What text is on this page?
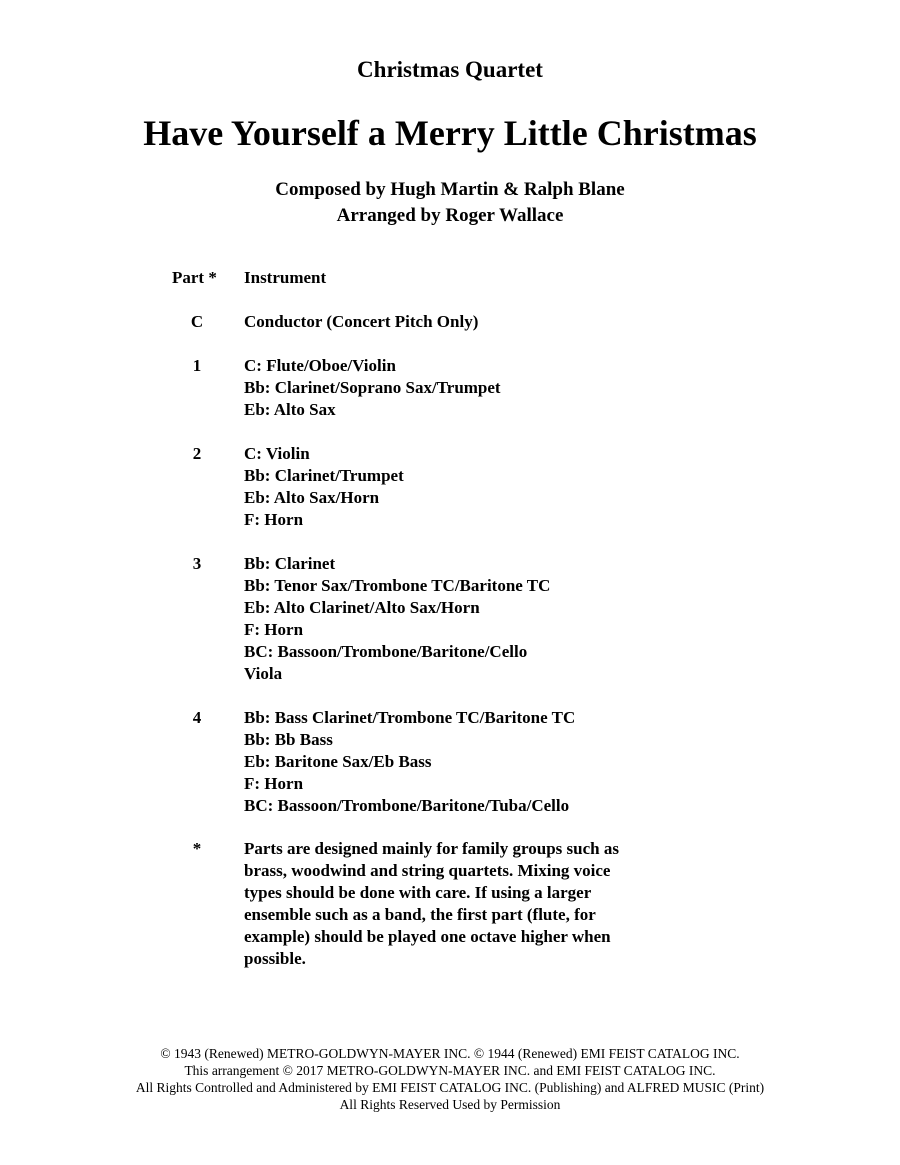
Christmas Quartet
Have Yourself a Merry Little Christmas
Composed by Hugh Martin & Ralph Blane
Arranged by Roger Wallace
Part * Instrument
C	Conductor (Concert Pitch Only)
1	C: Flute/Oboe/Violin
Bb: Clarinet/Soprano Sax/Trumpet
Eb: Alto Sax
2	C: Violin
Bb: Clarinet/Trumpet
Eb: Alto Sax/Horn
F: Horn
3	Bb: Clarinet
Bb: Tenor Sax/Trombone TC/Baritone TC
Eb: Alto Clarinet/Alto Sax/Horn
F: Horn
BC: Bassoon/Trombone/Baritone/Cello
Viola
4	Bb: Bass Clarinet/Trombone TC/Baritone TC
Bb: Bb Bass
Eb: Baritone Sax/Eb Bass
F: Horn
BC: Bassoon/Trombone/Baritone/Tuba/Cello
*	Parts are designed mainly for family groups such as
brass, woodwind and string quartets. Mixing voice
types should be done with care. If using a larger
ensemble such as a band, the first part (flute, for
example) should be played one octave higher when
possible.
© 1943 (Renewed) METRO-GOLDWYN-MAYER INC. © 1944 (Renewed) EMI FEIST CATALOG INC.
This arrangement © 2017 METRO-GOLDWYN-MAYER INC. and EMI FEIST CATALOG INC.
All Rights Controlled and Administered by EMI FEIST CATALOG INC. (Publishing) and ALFRED MUSIC (Print)
All Rights Reserved Used by Permission
